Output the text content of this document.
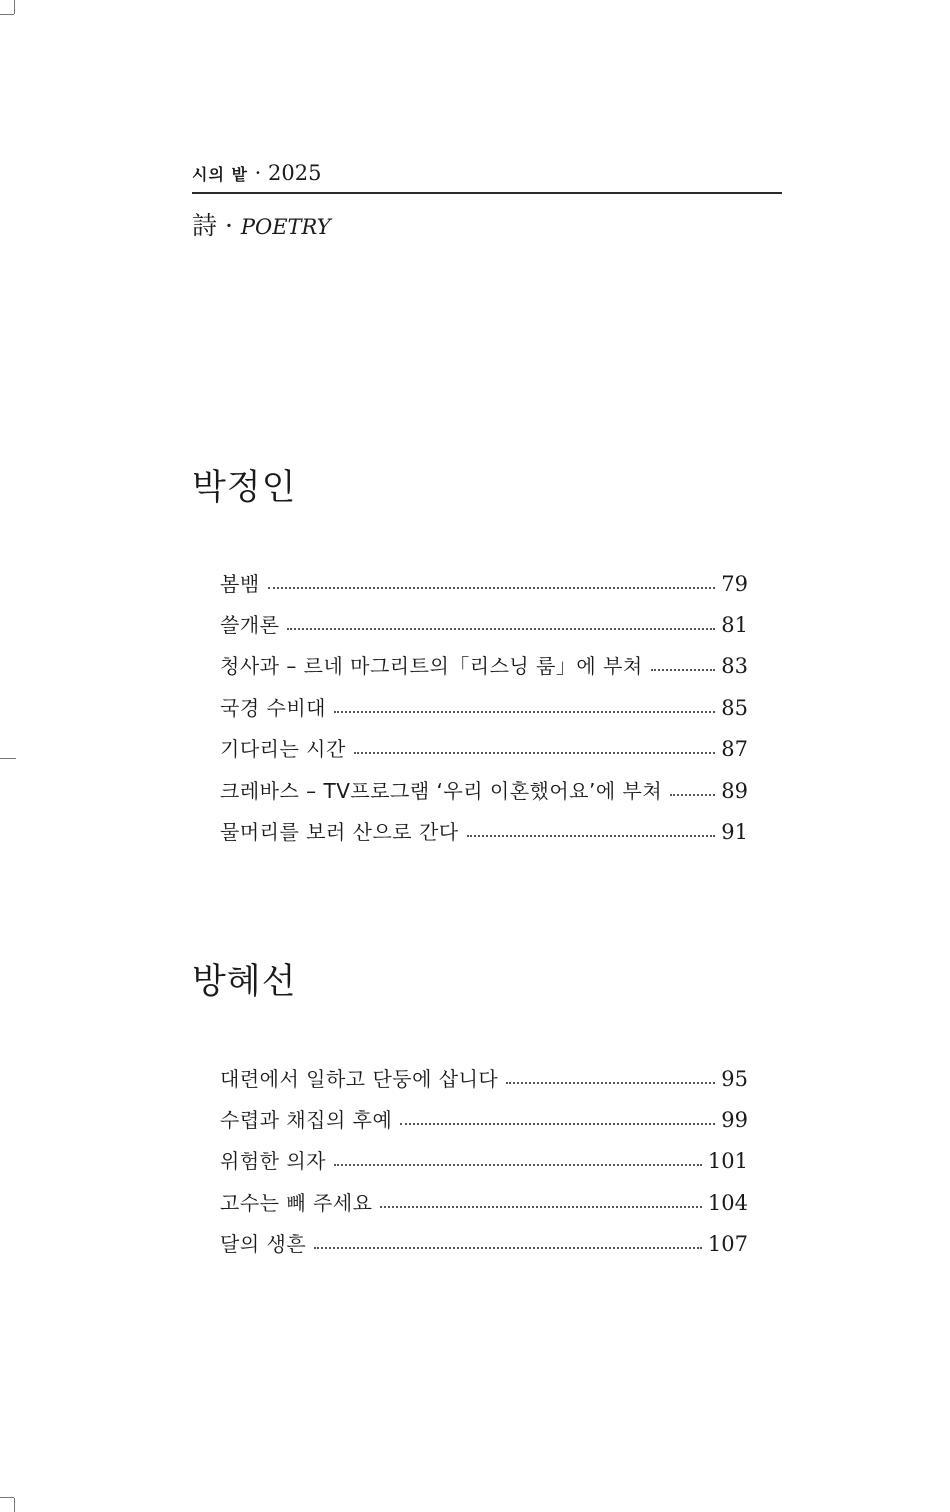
시의 밭 · 2025
詩 · POETRY
박정인
봄뱀	79
쓸개론	81
청사과 – 르네 마그리트의「리스닝 룸」에 부쳐	83
국경 수비대	85
기다리는 시간	87
크레바스 – TV프로그램 ‘우리 이혼했어요’에 부쳐	89
물머리를 보러 산으로 간다	91
방혜선
대련에서 일하고 단둥에 삽니다	95
수렵과 채집의 후예	99
위험한 의자	101
고수는 빼 주세요	104
달의 생흔	107
